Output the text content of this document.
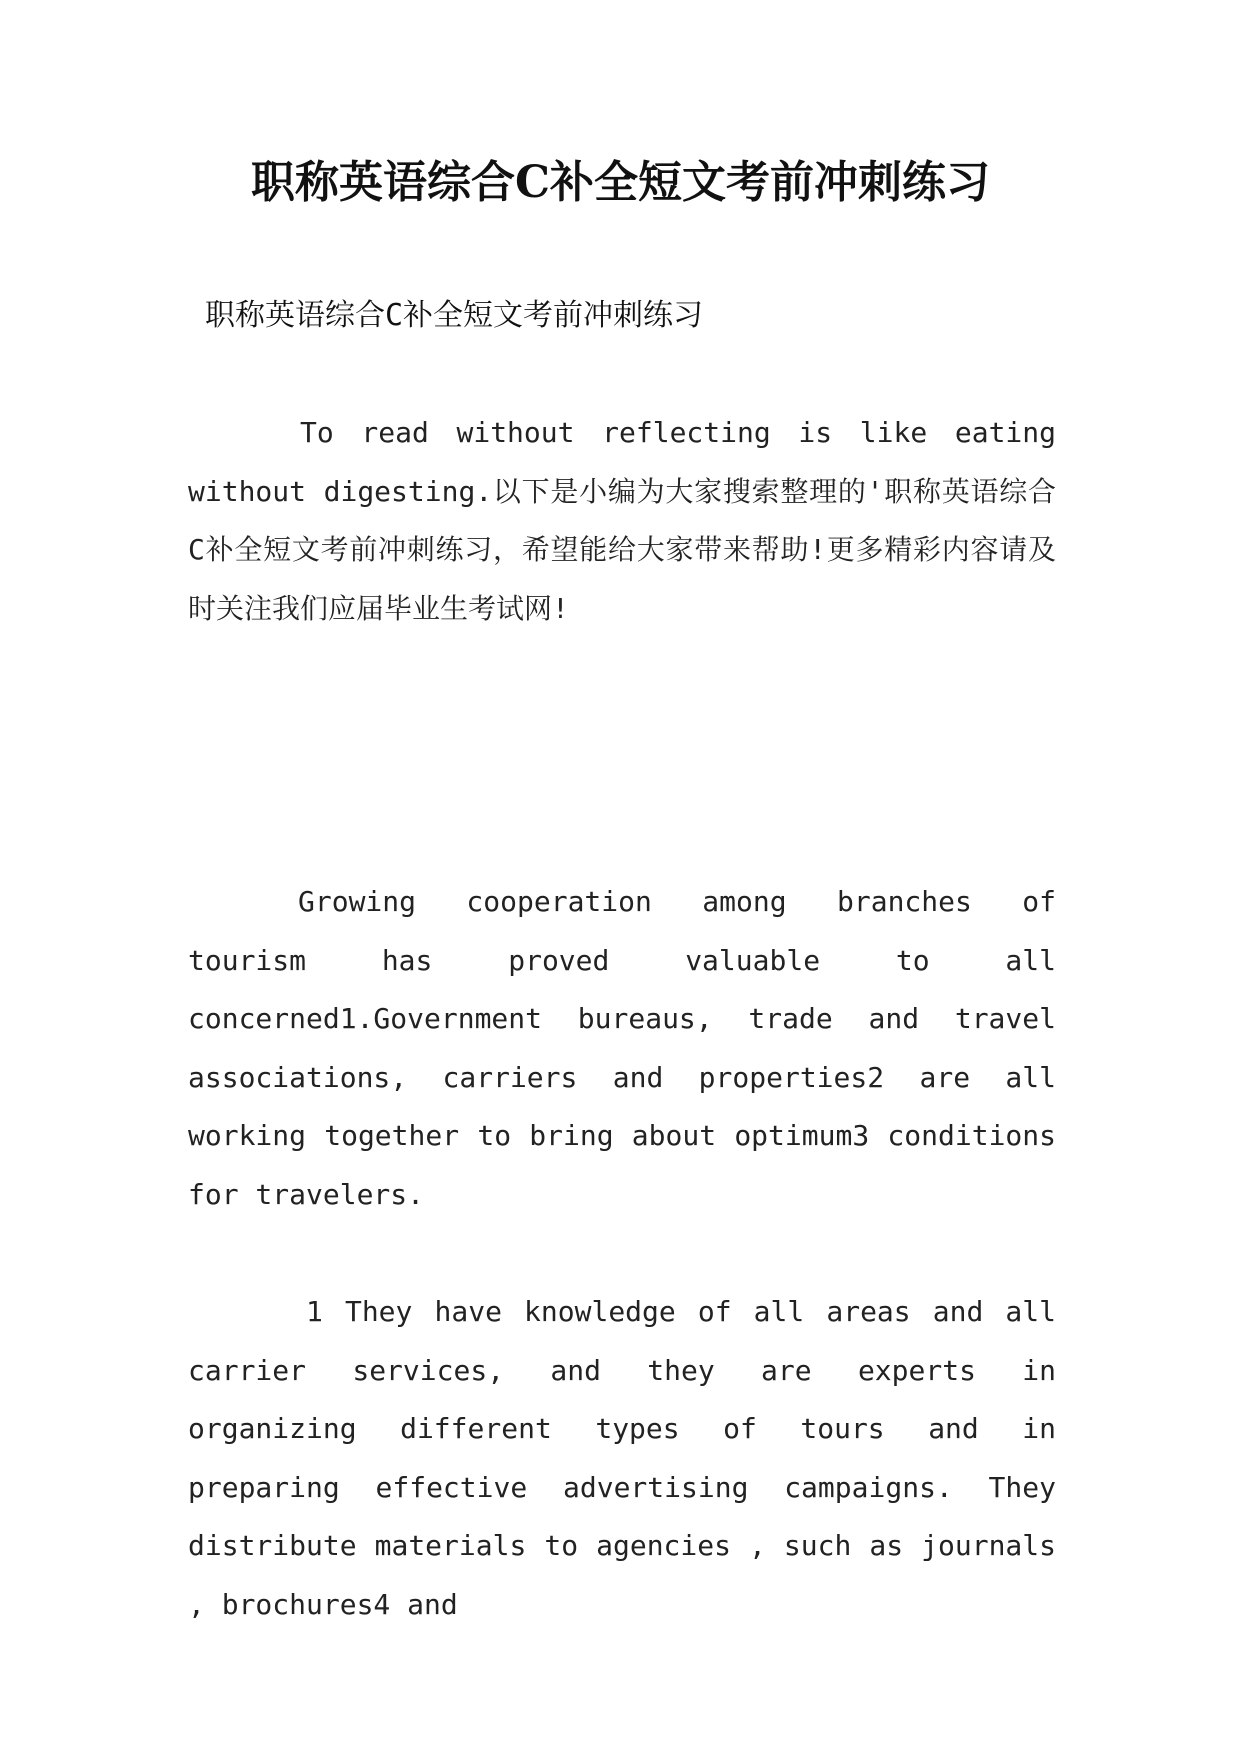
职称英语综合C补全短文考前冲刺练习

职称英语综合C补全短文考前冲刺练习

To read without reflecting is like eating without digesting.以下是小编为大家搜索整理的'职称英语综合C补全短文考前冲刺练习，希望能给大家带来帮助!更多精彩内容请及时关注我们应届毕业生考试网!

Growing cooperation among branches of tourism has proved valuable to all concerned1.Government bureaus, trade and travel associations, carriers and properties2 are all working together to bring about optimum3 conditions for travelers.

1 They have knowledge of all areas and all carrier services, and they are experts in organizing different types of tours and in preparing effective advertising campaigns. They distribute materials to agencies , such as journals , brochures4 and
